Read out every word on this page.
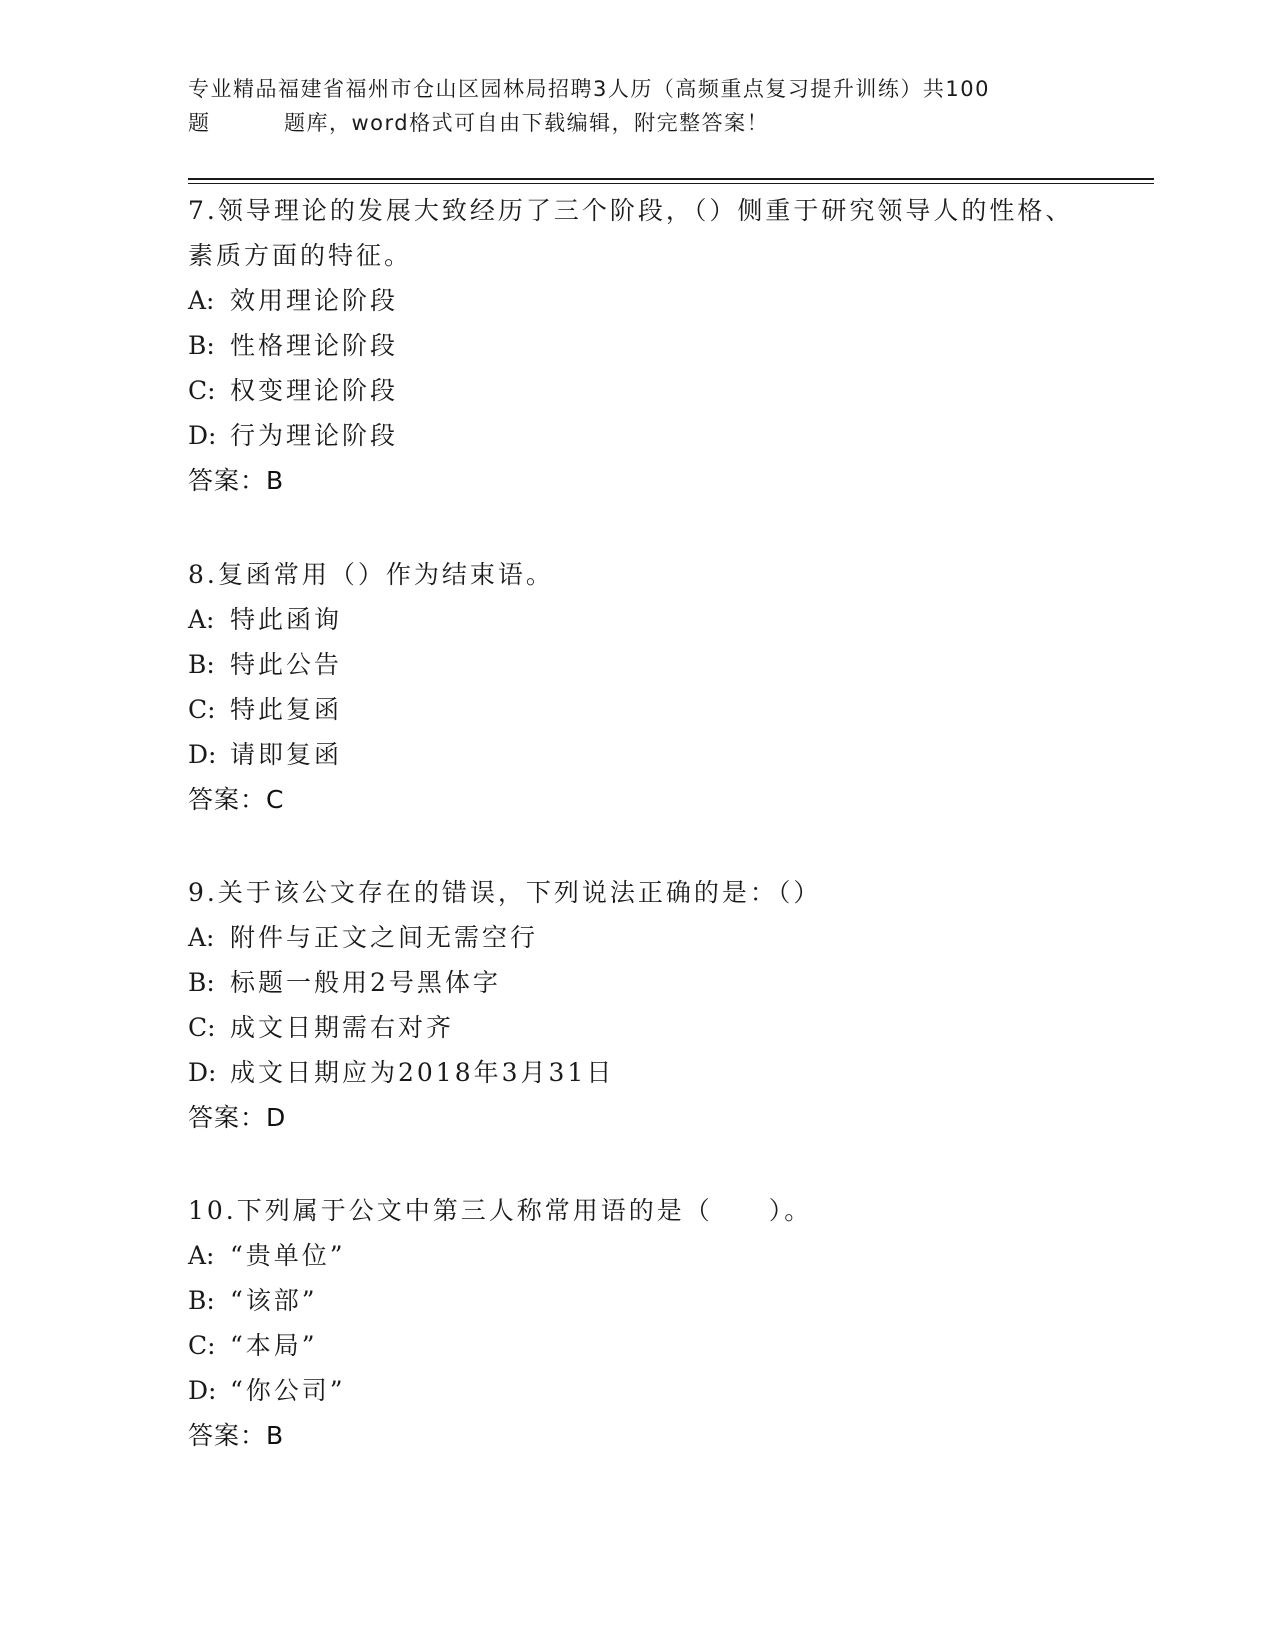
专业精品福建省福州市仓山区园林局招聘3人历（高频重点复习提升训练）共100
题	题库，word格式可自由下载编辑，附完整答案！

7.领导理论的发展大致经历了三个阶段，（）侧重于研究领导人的性格、素质方面的特征。

A: 效用理论阶段

B: 性格理论阶段

C: 权变理论阶段

D: 行为理论阶段

答案：B

8.复函常用（）作为结束语。

A: 特此函询

B: 特此公告

C: 特此复函

D: 请即复函

答案：C

9.关于该公文存在的错误，下列说法正确的是：（）

A: 附件与正文之间无需空行

B: 标题一般用2号黑体字

C: 成文日期需右对齐

D: 成文日期应为2018年3月31日

答案：D

10.下列属于公文中第三人称常用语的是（　　）。

A: “贵单位”

B: “该部”

C: “本局”

D: “你公司”

答案：B
